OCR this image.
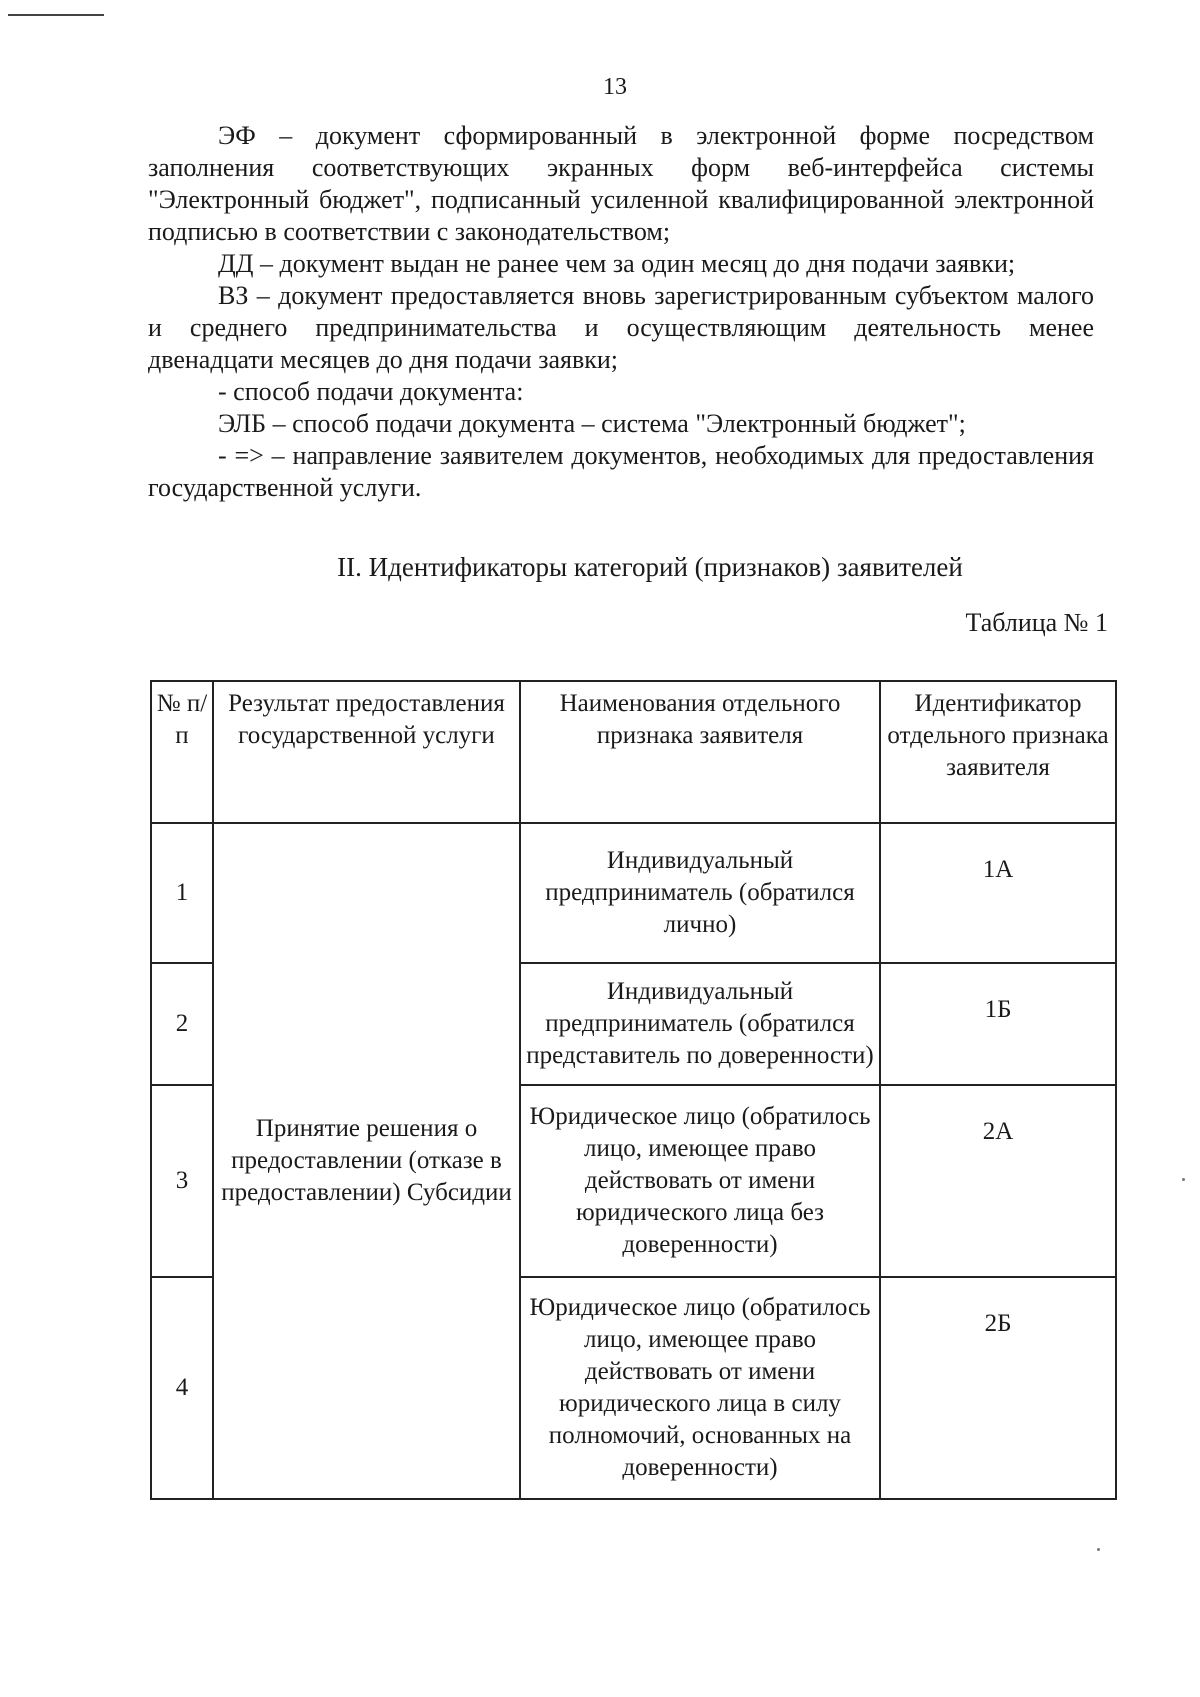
13

ЭФ – документ сформированный в электронной форме посредством заполнения соответствующих экранных форм веб-интерфейса системы "Электронный бюджет", подписанный усиленной квалифицированной электронной подписью в соответствии с законодательством;

ДД – документ выдан не ранее чем за один месяц до дня подачи заявки;

ВЗ – документ предоставляется вновь зарегистрированным субъектом малого и среднего предпринимательства и осуществляющим деятельность менее двенадцати месяцев до дня подачи заявки;

- способ подачи документа:

ЭЛБ – способ подачи документа – система "Электронный бюджет";

- => – направление заявителем документов, необходимых для предоставления государственной услуги.

II. Идентификаторы категорий (признаков) заявителей
Таблица № 1
№ п/п	Результат предоставления государственной услуги	Наименования отдельного признака заявителя	Идентификатор отдельного признака заявителя
1	Принятие решения о предоставлении (отказе в предоставлении) Субсидии	Индивидуальный предприниматель (обратился лично)	1А
2		Индивидуальный предприниматель (обратился представитель по доверенности)	1Б
3		Юридическое лицо (обратилось лицо, имеющее право действовать от имени юридического лица без доверенности)	2А
4		Юридическое лицо (обратилось лицо, имеющее право действовать от имени юридического лица в силу полномочий, основанных на доверенности)	2Б
